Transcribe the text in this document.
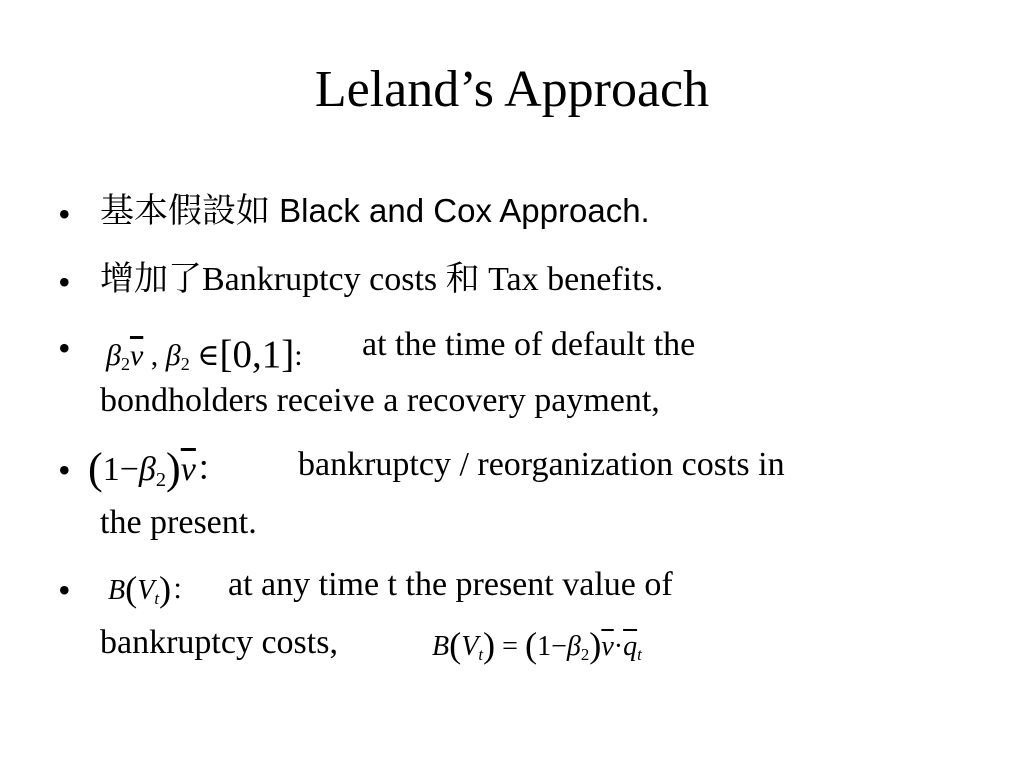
Leland’s Approach
• 基本假設如 Black and Cox Approach.
• 增加了Bankruptcy costs 和 Tax benefits.
• $\beta 2\overline{v}$ , β2 ∈[0,1]: at the time of default the
bondholders receive a recovery payment,
• $(1-\beta 2)\overline{v}$： bankruptcy / reorganization costs in
the present.
• B(Vt)： at any time t the present value of
bankruptcy costs,	$B(Vt) = (1-\beta 2)\overline{v}\cdot\overline{q}t$
